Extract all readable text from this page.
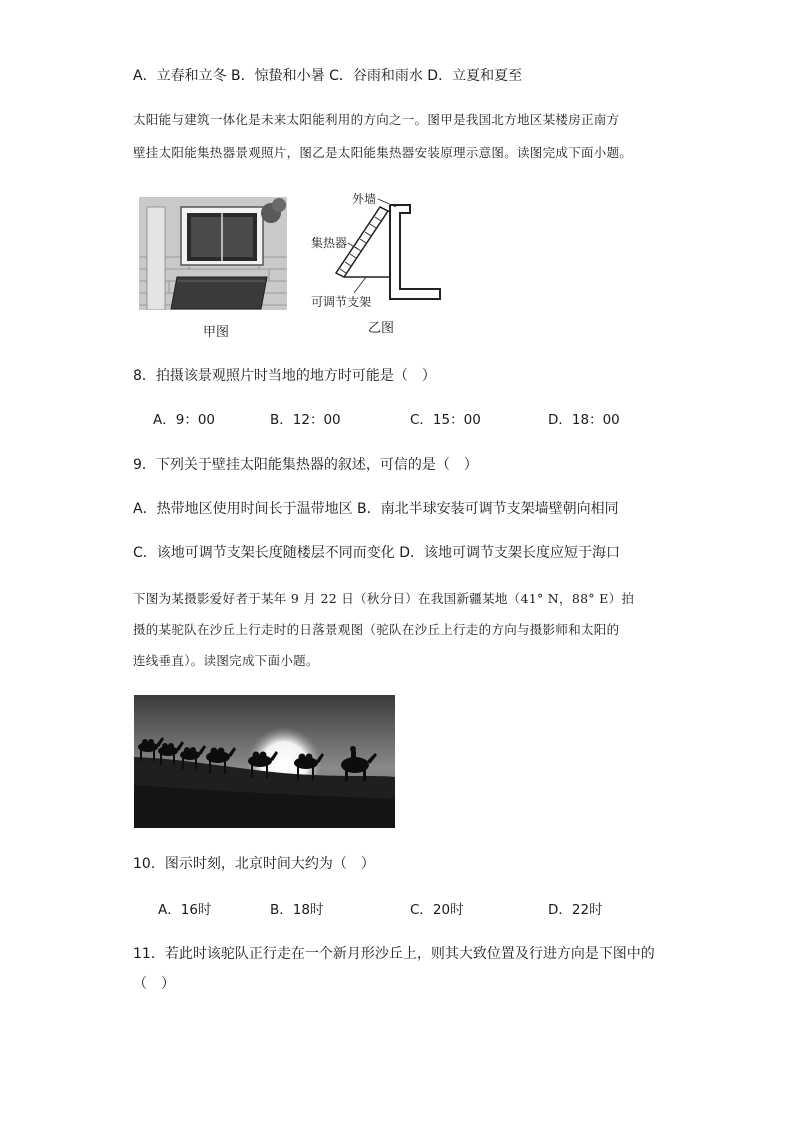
A．立春和立冬 B．惊蛰和小暑 C．谷雨和雨水 D．立夏和夏至
太阳能与建筑一体化是未来太阳能利用的方向之一。图甲是我国北方地区某楼房正南方
壁挂太阳能集热器景观照片，图乙是太阳能集热器安装原理示意图。读图完成下面小题。
甲图
外墙
集热器
可调节支架
乙图
8．拍摄该景观照片时当地的地方时可能是（　）
A．9：00	B．12：00	C．15：00	D．18：00
9．下列关于壁挂太阳能集热器的叙述，可信的是（　）
A．热带地区使用时间长于温带地区 B．南北半球安装可调节支架墙壁朝向相同
C．该地可调节支架长度随楼层不同而变化 D．该地可调节支架长度应短于海口
下图为某摄影爱好者于某年 9 月 22 日（秋分日）在我国新疆某地（41° N，88° E）拍
摄的某驼队在沙丘上行走时的日落景观图（驼队在沙丘上行走的方向与摄影师和太阳的
连线垂直）。读图完成下面小题。
10．图示时刻，北京时间大约为（　）
A．16时	B．18时	C．20时	D．22时
11．若此时该驼队正行走在一个新月形沙丘上，则其大致位置及行进方向是下图中的
（　）
